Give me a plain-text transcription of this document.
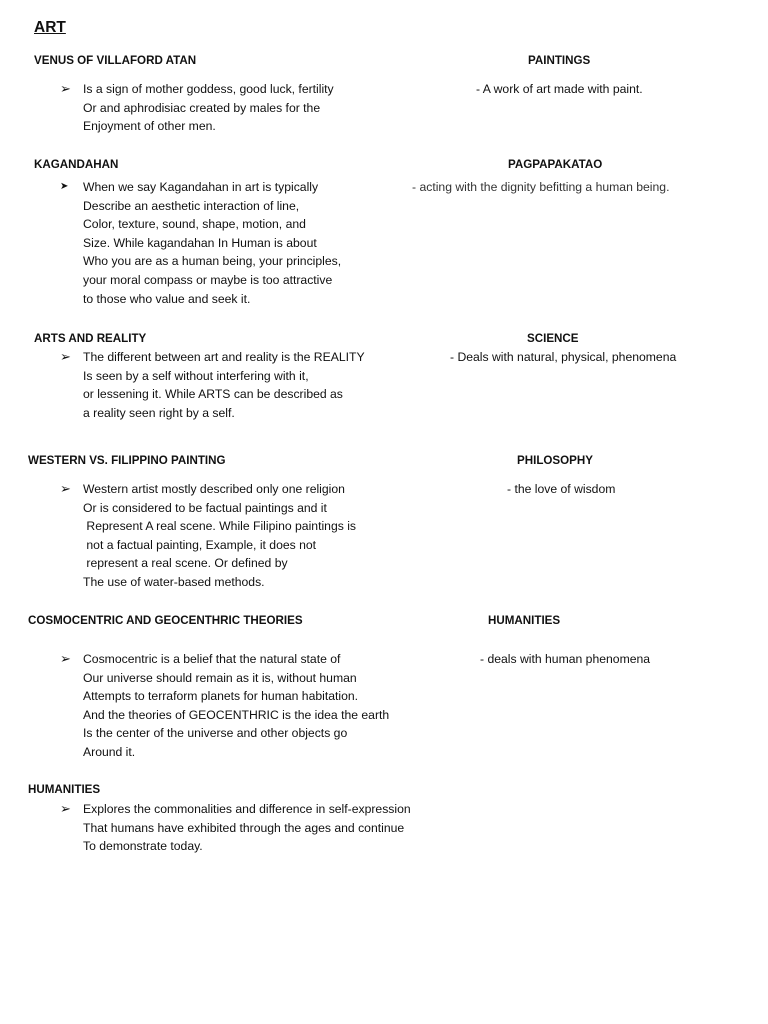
ART
VENUS OF VILLAFORD ATAN
➢ Is a sign of mother goddess, good luck, fertility
Or and aphrodisiac created by males for the
Enjoyment of other men.
KAGANDAHAN
➤ When we say Kagandahan in art is typically
Describe an aesthetic interaction of line,
Color, texture, sound, shape, motion, and
Size. While kagandahan In Human is about
Who you are as a human being, your principles,
your moral compass or maybe is too attractive
to those who value and seek it.
ARTS AND REALITY
➢ The different between art and reality is the REALITY
Is seen by a self without interfering with it,
or lessening it. While ARTS can be described as
a reality seen right by a self.
WESTERN VS. FILIPPINO PAINTING
➢ Western artist mostly described only one religion
Or is considered to be factual paintings and it
Represent A real scene. While Filipino paintings is
not a factual painting, Example, it does not
represent a real scene. Or defined by
The use of water-based methods.
COSMOCENTRIC AND GEOCENTHRIC THEORIES
➢ Cosmocentric is a belief that the natural state of
Our universe should remain as it is, without human
Attempts to terraform planets for human habitation.
And the theories of GEOCENTHRIC is the idea the earth
Is the center of the universe and other objects go
Around it.
HUMANITIES
➢ Explores the commonalities and difference in self-expression
That humans have exhibited through the ages and continue
To demonstrate today.
PAINTINGS
- A work of art made with paint.
PAGPAPAKATAO
- acting with the dignity befitting a human being.
SCIENCE
- Deals with natural, physical, phenomena
PHILOSOPHY
- the love of wisdom
HUMANITIES
- deals with human phenomena
